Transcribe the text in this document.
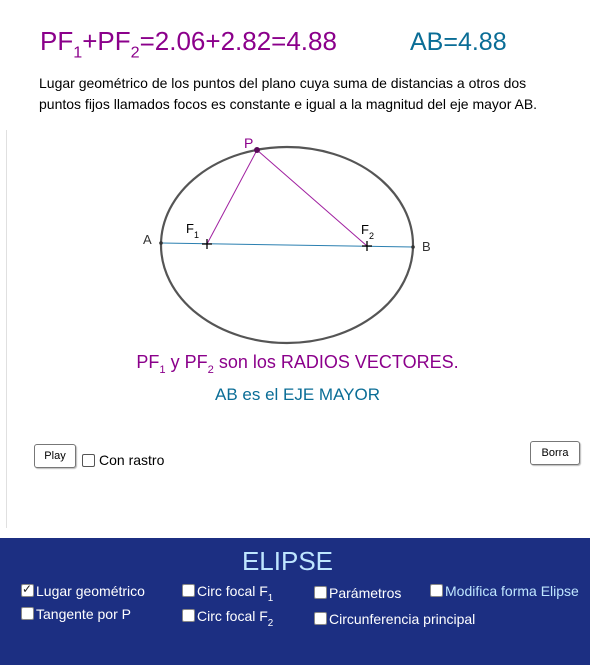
$PF_1+PF_2=2.06+2.82=4.88$	AB=4.88
Lugar geométrico de los puntos del plano cuya suma de distancias a otros dos puntos fijos llamados focos es constante e igual a la magnitud del eje mayor AB.
P
A	B
$F_1$	$F_2$
$PF_1$ y $PF_2$ son los RADIOS VECTORES.
AB es el EJE MAYOR
Play	Con rastro	Borra
ELIPSE
✓
Lugar geométrico
Tangente por P
Circ focal $F_1$
Circ focal $F_2$
Parámetros
Circunferencia principal
Modifica forma Elipse
